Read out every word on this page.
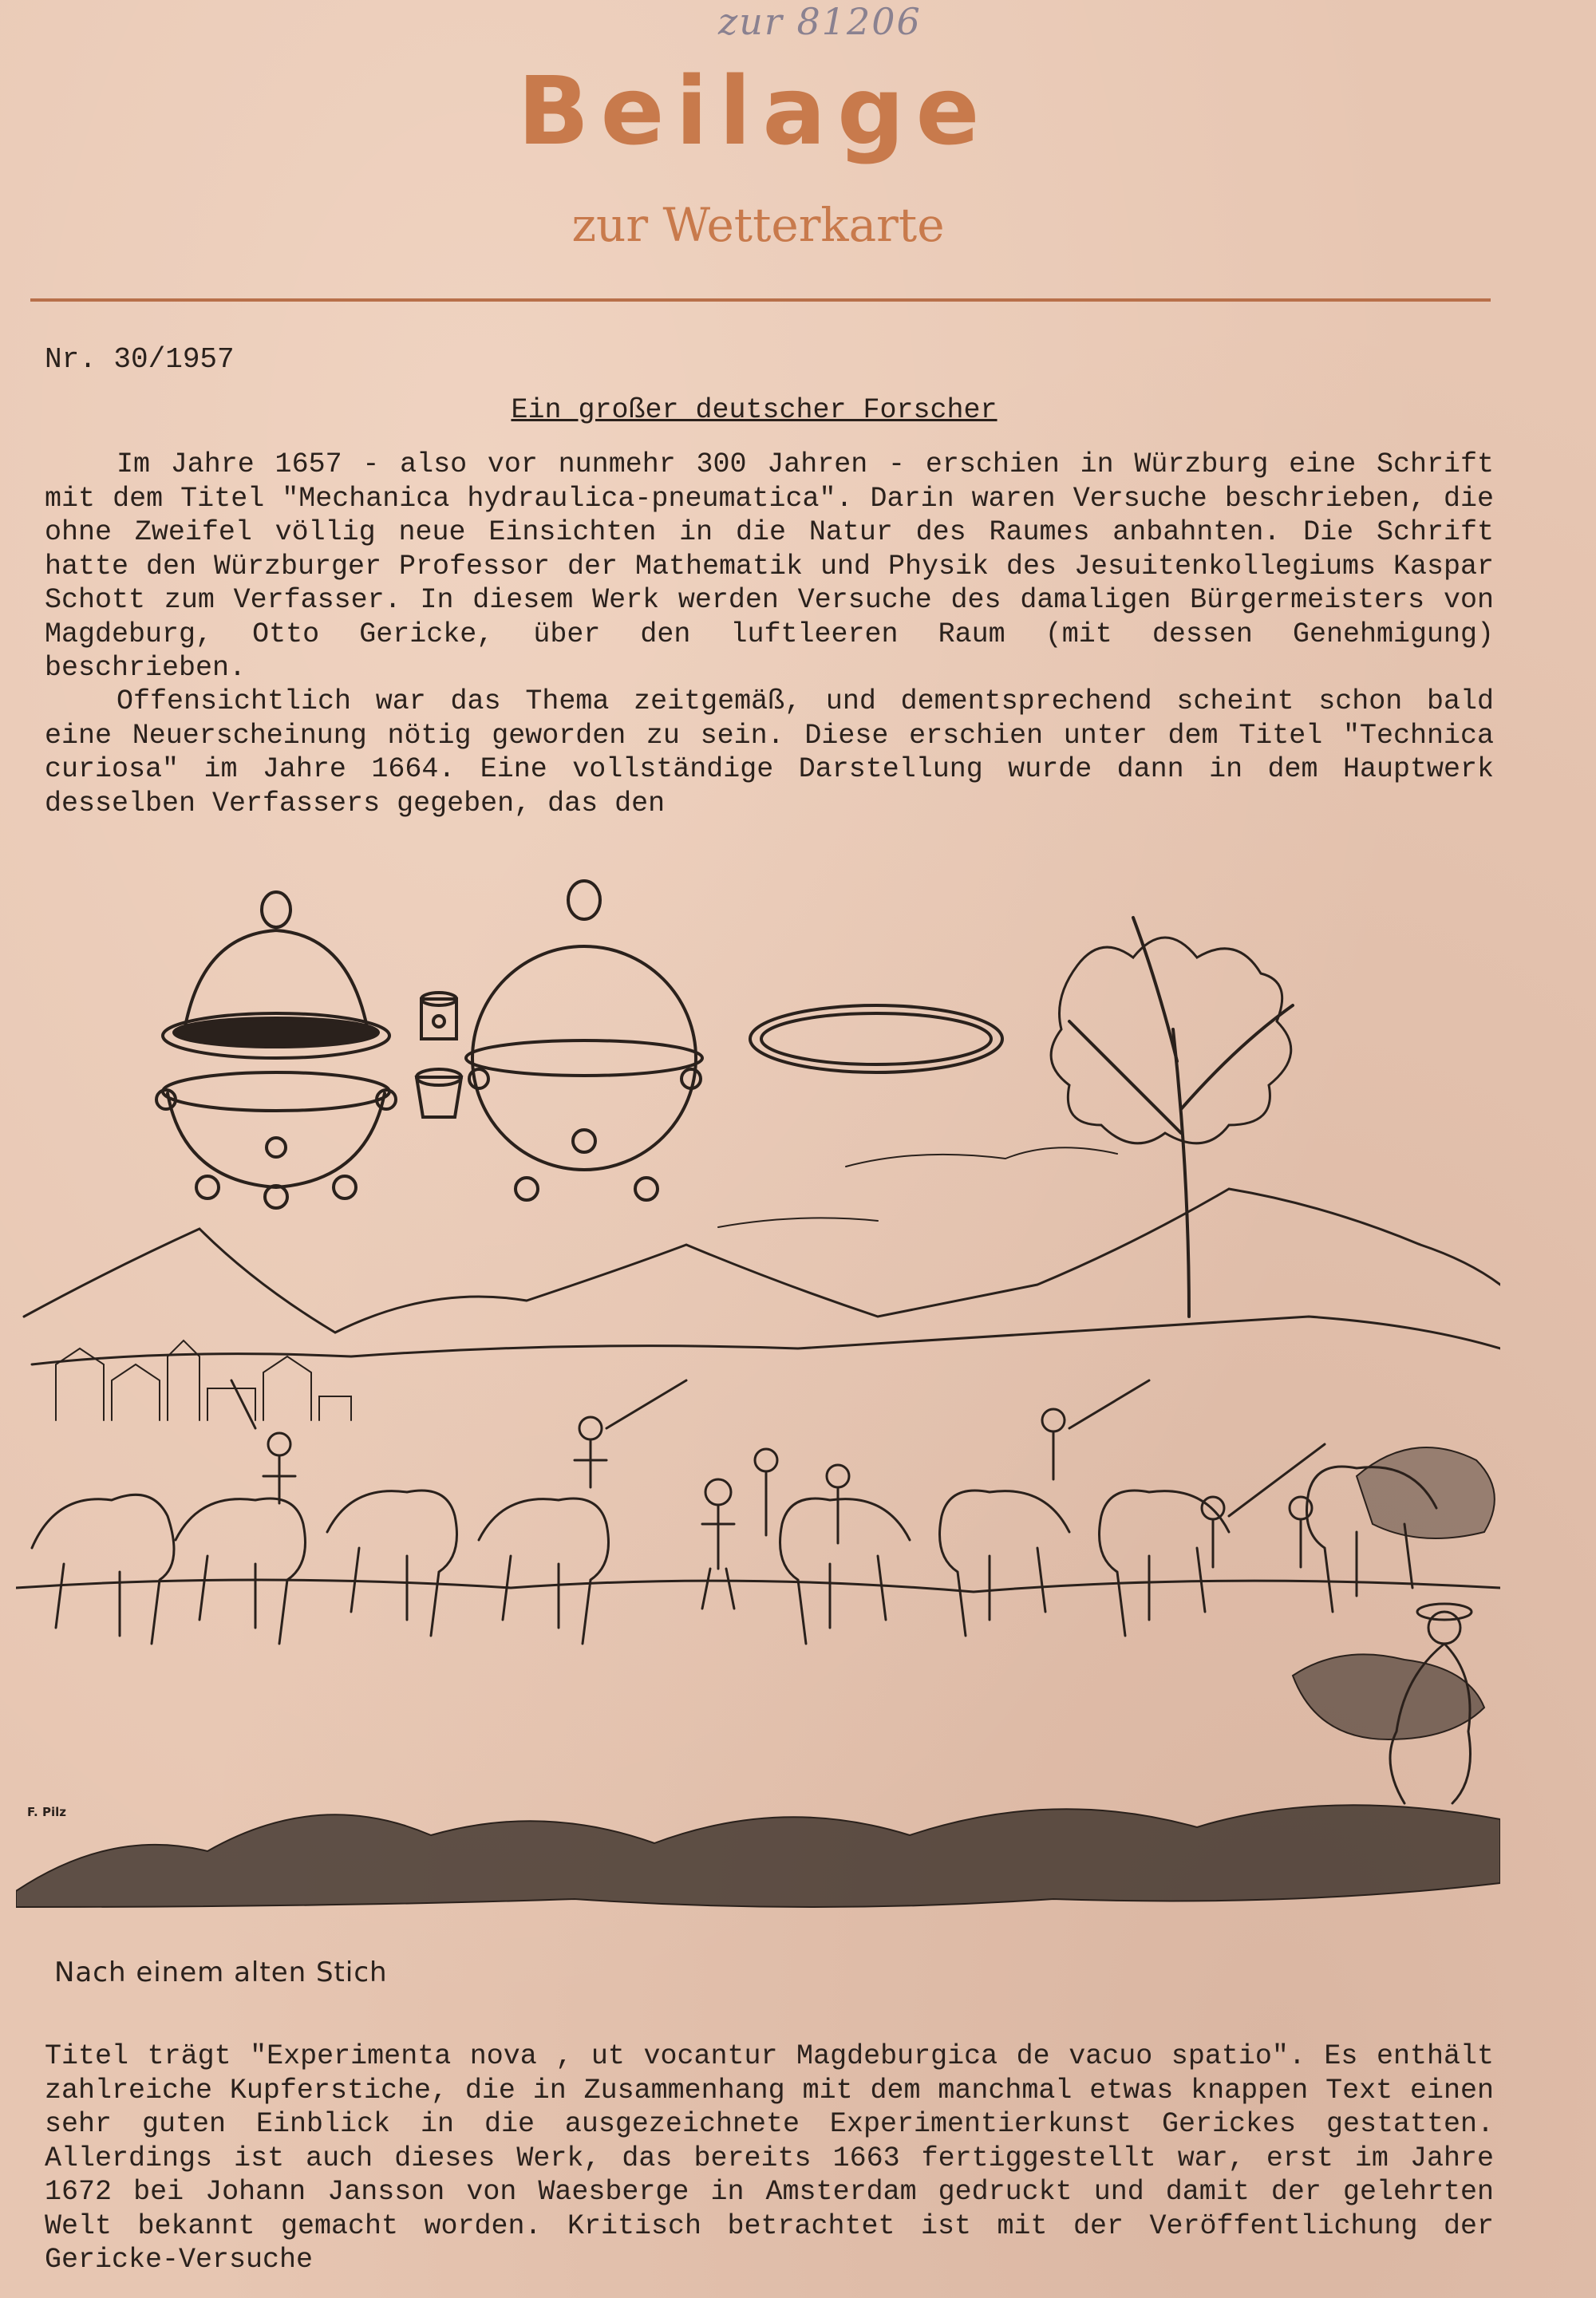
zur 81206
Beilage
zur Wetterkarte
Nr. 30/1957
Ein großer deutscher Forscher

Im Jahre 1657 - also vor nunmehr 300 Jahren - erschien in Würzburg eine Schrift mit dem Titel "Mechanica hydraulica-pneumatica". Darin waren Versuche beschrieben, die ohne Zweifel völlig neue Einsichten in die Natur des Raumes anbahnten. Die Schrift hatte den Würzburger Professor der Mathematik und Physik des Jesuitenkollegiums Kaspar Schott zum Verfasser. In diesem Werk werden Versuche des damaligen Bürgermeisters von Magdeburg, Otto Gericke, über den luftleeren Raum (mit dessen Genehmigung) beschrieben.

Offensichtlich war das Thema zeitgemäß, und dementsprechend scheint schon bald eine Neuerscheinung nötig geworden zu sein. Diese erschien unter dem Titel "Technica curiosa" im Jahre 1664. Eine vollständige Darstellung wurde dann in dem Hauptwerk desselben Verfassers gegeben, das den

F. Pilz
Nach einem alten Stich

Titel trägt "Experimenta nova , ut vocantur Magdeburgica de vacuo spatio". Es enthält zahlreiche Kupferstiche, die in Zusammenhang mit dem manchmal etwas knappen Text einen sehr guten Einblick in die ausgezeichnete Experimentierkunst Gerickes gestatten. Allerdings ist auch dieses Werk, das bereits 1663 fertiggestellt war, erst im Jahre 1672 bei Johann Jansson von Waesberge in Amsterdam gedruckt und damit der gelehrten Welt bekannt gemacht worden. Kritisch betrachtet ist mit der Veröffentlichung der Gericke-Versuche
